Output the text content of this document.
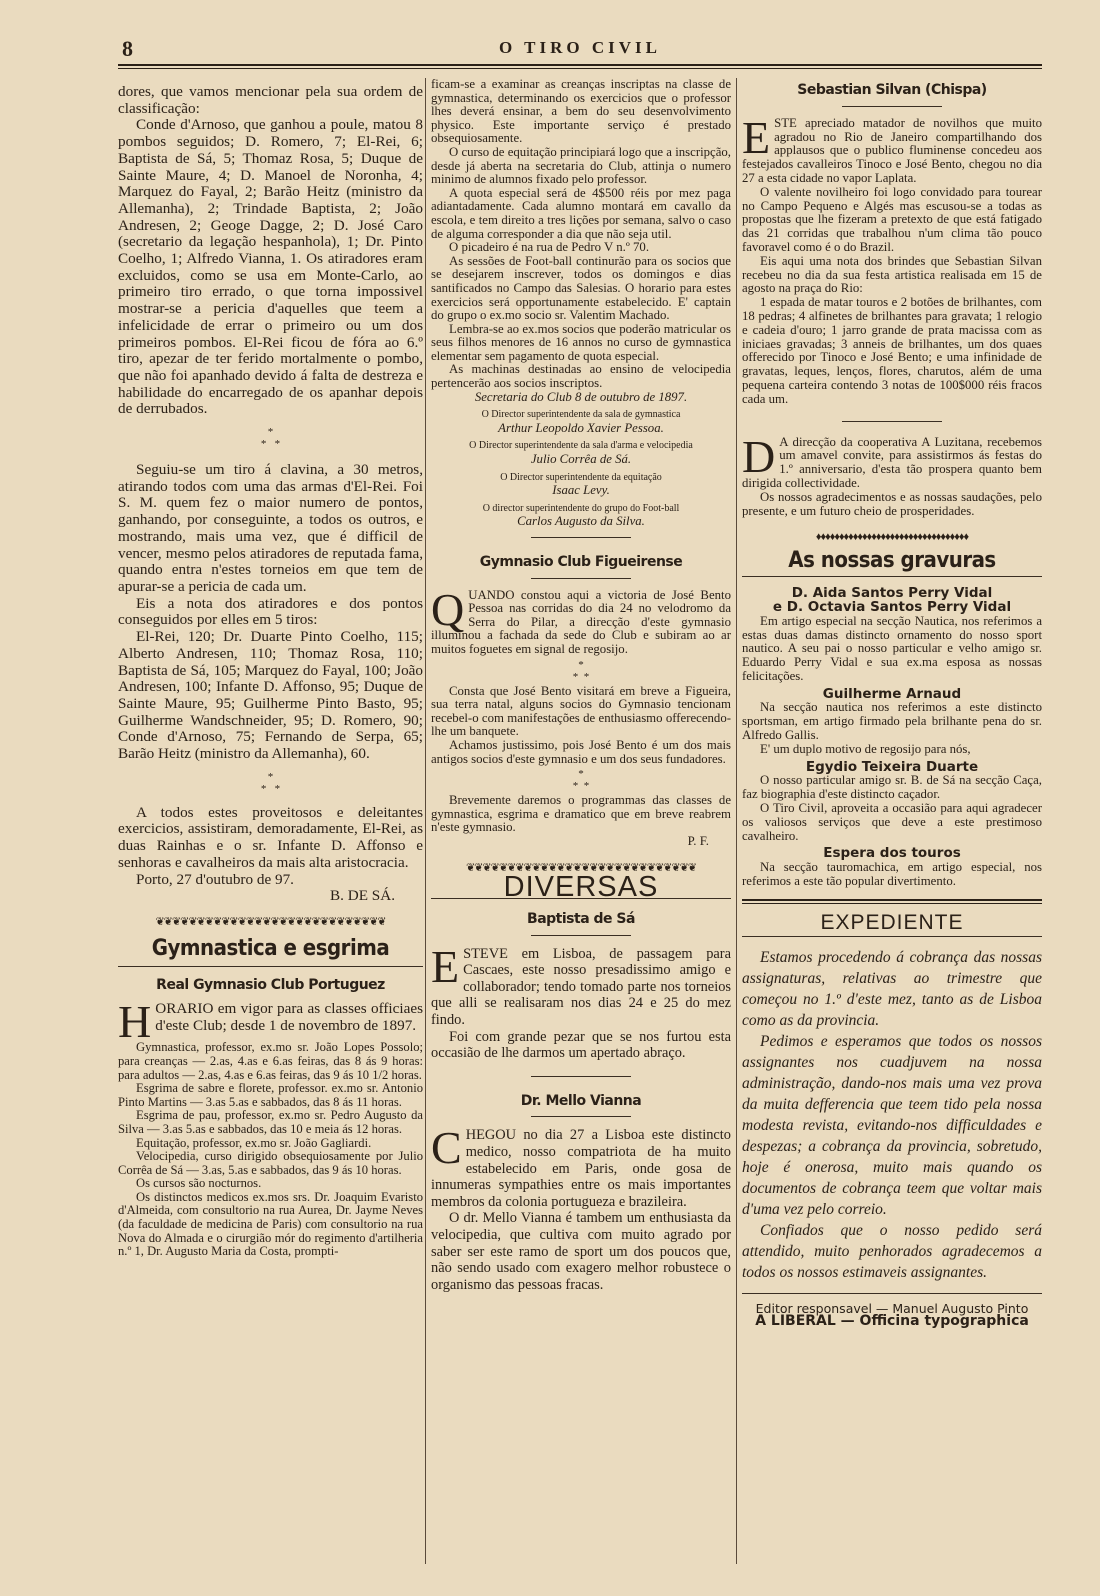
8	O TIRO CIVIL

dores, que vamos mencionar pela sua ordem de classificação:

Conde d'Arnoso, que ganhou a poule, matou 8 pombos seguidos; D. Romero, 7; El-Rei, 6; Baptista de Sá, 5; Thomaz Rosa, 5; Duque de Sainte Maure, 4; D. Manoel de Noronha, 4; Marquez do Fayal, 2; Barão Heitz (ministro da Allemanha), 2; Trindade Baptista, 2; João Andresen, 2; Geoge Dagge, 2; D. José Caro (secretario da legação hespanhola), 1; Dr. Pinto Coelho, 1; Alfredo Vianna, 1. Os atiradores eram excluidos, como se usa em Monte-Carlo, ao primeiro tiro errado, o que torna impossivel mostrar-se a pericia d'aquelles que teem a infelicidade de errar o primeiro ou um dos primeiros pombos. El-Rei ficou de fóra ao 6.º tiro, apezar de ter ferido mortalmente o pombo, que não foi apanhado devido á falta de destreza e habilidade do encarregado de os apanhar depois de derrubados.

*
*   *

Seguiu-se um tiro á clavina, a 30 metros, atirando todos com uma das armas d'El-Rei. Foi S. M. quem fez o maior numero de pontos, ganhando, por conseguinte, a todos os outros, e mostrando, mais uma vez, que é difficil de vencer, mesmo pelos atiradores de reputada fama, quando entra n'estes torneios em que tem de apurar-se a pericia de cada um.

Eis a nota dos atiradores e dos pontos conseguidos por elles em 5 tiros:

El-Rei, 120; Dr. Duarte Pinto Coelho, 115; Alberto Andresen, 110; Thomaz Rosa, 110; Baptista de Sá, 105; Marquez do Fayal, 100; João Andresen, 100; Infante D. Affonso, 95; Duque de Sainte Maure, 95; Guilherme Pinto Basto, 95; Guilherme Wandschneider, 95; D. Romero, 90; Conde d'Arnoso, 75; Fernando de Serpa, 65; Barão Heitz (ministro da Allemanha), 60.

*
*   *

A todos estes proveitosos e deleitantes exercicios, assistiram, demoradamente, El-Rei, as duas Rainhas e o sr. Infante D. Affonso e senhoras e cavalheiros da mais alta aristocracia.

Porto, 27 d'outubro de 97.

B. DE SÁ.

❦❦❦❦❦❦❦❦❦❦❦❦❦❦❦❦❦❦❦❦❦❦❦❦❦❦❦❦
Gymnastica e esgrima
Real Gymnasio Club Portuguez
H ORARIO em vigor para as classes officiaes d'este Club; desde 1 de novembro de 1897.

Gymnastica, professor, ex.mo sr. João Lopes Possolo; para creanças — 2.as, 4.as e 6.as feiras, das 8 ás 9 horas: para adultos — 2.as, 4.as e 6.as feiras, das 9 ás 10 1/2 horas.

Esgrima de sabre e florete, professor. ex.mo sr. Antonio Pinto Martins — 3.as 5.as e sabbados, das 8 ás 11 horas.

Esgrima de pau, professor, ex.mo sr. Pedro Augusto da Silva — 3.as 5.as e sabbados, das 10 e meia ás 12 horas.

Equitação, professor, ex.mo sr. João Gagliardi.

Velocipedia, curso dirigido obsequiosamente por Julio Corrêa de Sá — 3.as, 5.as e sabbados, das 9 ás 10 horas.

Os cursos são nocturnos.

Os distinctos medicos ex.mos srs. Dr. Joaquim Evaristo d'Almeida, com consultorio na rua Aurea, Dr. Jayme Neves (da faculdade de medicina de Paris) com consultorio na rua Nova do Almada e o cirurgião mór do regimento d'artilheria n.º 1, Dr. Augusto Maria da Costa, prompti-

ficam-se a examinar as creanças inscriptas na classe de gymnastica, determinando os exercicios que o professor lhes deverá ensinar, a bem do seu desenvolvimento physico. Este importante serviço é prestado obsequiosamente.

O curso de equitação principiará logo que a inscripção, desde já aberta na secretaria do Club, attinja o numero minimo de alumnos fixado pelo professor.

A quota especial será de 4$500 réis por mez paga adiantadamente. Cada alumno montará em cavallo da escola, e tem direito a tres lições por semana, salvo o caso de alguma corresponder a dia que não seja util.

O picadeiro é na rua de Pedro V n.º 70.

As sessões de Foot-ball continurão para os socios que se desejarem inscrever, todos os domingos e dias santificados no Campo das Salesias. O horario para estes exercicios será opportunamente estabelecido. E' captain do grupo o ex.mo socio sr. Valentim Machado.

Lembra-se ao ex.mos socios que poderão matricular os seus filhos menores de 16 annos no curso de gymnastica elementar sem pagamento de quota especial.

As machinas destinadas ao ensino de velocipedia pertencerão aos socios inscriptos.

Secretaria do Club 8 de outubro de 1897.

O Director superintendente da sala de gymnastica

Arthur Leopoldo Xavier Pessoa.

O Director superintendente da sala d'arma e velocipedia

Julio Corrêa de Sá.

O Director superintendente da equitação

Isaac Levy.

O director superintendente do grupo do Foot-ball

Carlos Augusto da Silva.

Gymnasio Club Figueirense
Q UANDO constou aqui a victoria de José Bento Pessoa nas corridas do dia 24 no velodromo da Serra do Pilar, a direcção d'este gymnasio illuminou a fachada da sede do Club e subiram ao ar muitos foguetes em signal de regosijo.

*
*  *

Consta que José Bento visitará em breve a Figueira, sua terra natal, alguns socios do Gymnasio tencionam recebel-o com manifestações de enthusiasmo offerecendo-lhe um banquete.

Achamos justissimo, pois José Bento é um dos mais antigos socios d'este gymnasio e um dos seus fundadores.

*
*  *

Brevemente daremos o programmas das classes de gymnastica, esgrima e dramatico que em breve reabrem n'este gymnasio.

P. F.

❦❦❦❦❦❦❦❦❦❦❦❦❦❦❦❦❦❦❦❦❦❦❦❦❦❦❦❦
DIVERSAS
Baptista de Sá
E STEVE em Lisboa, de passagem para Cascaes, este nosso presadissimo amigo e collaborador; tendo tomado parte nos torneios que alli se realisaram nos dias 24 e 25 do mez findo.

Foi com grande pezar que se nos furtou esta occasião de lhe darmos um apertado abraço.

Dr. Mello Vianna
C HEGOU no dia 27 a Lisboa este distincto medico, nosso compatriota de ha muito estabelecido em Paris, onde gosa de innumeras sympathies entre os mais importantes membros da colonia portugueza e brazileira.

O dr. Mello Vianna é tambem um enthusiasta da velocipedia, que cultiva com muito agrado por saber ser este ramo de sport um dos poucos que, não sendo usado com exagero melhor robustece o organismo das pessoas fracas.

Sebastian Silvan (Chispa)
E STE apreciado matador de novilhos que muito agradou no Rio de Janeiro compartilhando dos applausos que o publico fluminense concedeu aos festejados cavalleiros Tinoco e José Bento, chegou no dia 27 a esta cidade no vapor Laplata.

O valente novilheiro foi logo convidado para tourear no Campo Pequeno e Algés mas escusou-se a todas as propostas que lhe fizeram a pretexto de que está fatigado das 21 corridas que trabalhou n'um clima tão pouco favoravel como é o do Brazil.

Eis aqui uma nota dos brindes que Sebastian Silvan recebeu no dia da sua festa artistica realisada em 15 de agosto na praça do Rio:

1 espada de matar touros e 2 botões de brilhantes, com 18 pedras; 4 alfinetes de brilhantes para gravata; 1 relogio e cadeia d'ouro; 1 jarro grande de prata macissa com as iniciaes gravadas; 3 anneis de brilhantes, um dos quaes offerecido por Tinoco e José Bento; e uma infinidade de gravatas, leques, lenços, flores, charutos, além de uma pequena carteira contendo 3 notas de 100$000 réis fracos cada um.

D A direcção da cooperativa A Luzitana, recebemos um amavel convite, para assistirmos ás festas do 1.º anniversario, d'esta tão prospera quanto bem dirigida collectividade.

Os nossos agradecimentos e as nossas saudações, pelo presente, e um futuro cheio de prosperidades.

♦♦♦♦♦♦♦♦♦♦♦♦♦♦♦♦♦♦♦♦♦♦♦♦♦♦♦♦♦♦♦♦♦
As nossas gravuras
D. Aida Santos Perry Vidal
e D. Octavia Santos Perry Vidal

Em artigo especial na secção Nautica, nos referimos a estas duas damas distincto ornamento do nosso sport nautico. A seu pai o nosso particular e velho amigo sr. Eduardo Perry Vidal e sua ex.ma esposa as nossas felicitações.

Guilherme Arnaud

Na secção nautica nos referimos a este distincto sportsman, em artigo firmado pela brilhante pena do sr. Alfredo Gallis.

E' um duplo motivo de regosijo para nós,

Egydio Teixeira Duarte

O nosso particular amigo sr. B. de Sá na secção Caça, faz biographia d'este distincto caçador.

O Tiro Civil, aproveita a occasião para aqui agradecer os valiosos serviços que deve a este prestimoso cavalheiro.

Espera dos touros

Na secção tauromachica, em artigo especial, nos referimos a este tão popular divertimento.

EXPEDIENTE

Estamos procedendo á cobrança das nossas assignaturas, relativas ao trimestre que começou no 1.º d'este mez, tanto as de Lisboa como as da provincia.

Pedimos e esperamos que todos os nossos assignantes nos cuadjuvem na nossa administração, dando-nos mais uma vez prova da muita defferencia que teem tido pela nossa modesta revista, evitando-nos difficuldades e despezas; a cobrança da provincia, sobretudo, hoje é onerosa, muito mais quando os documentos de cobrança teem que voltar mais d'uma vez pelo correio.

Confiados que o nosso pedido será attendido, muito penhorados agradecemos a todos os nossos estimaveis assignantes.

Editor responsavel — Manuel Augusto Pinto

A LIBERAL — Officina typographica
